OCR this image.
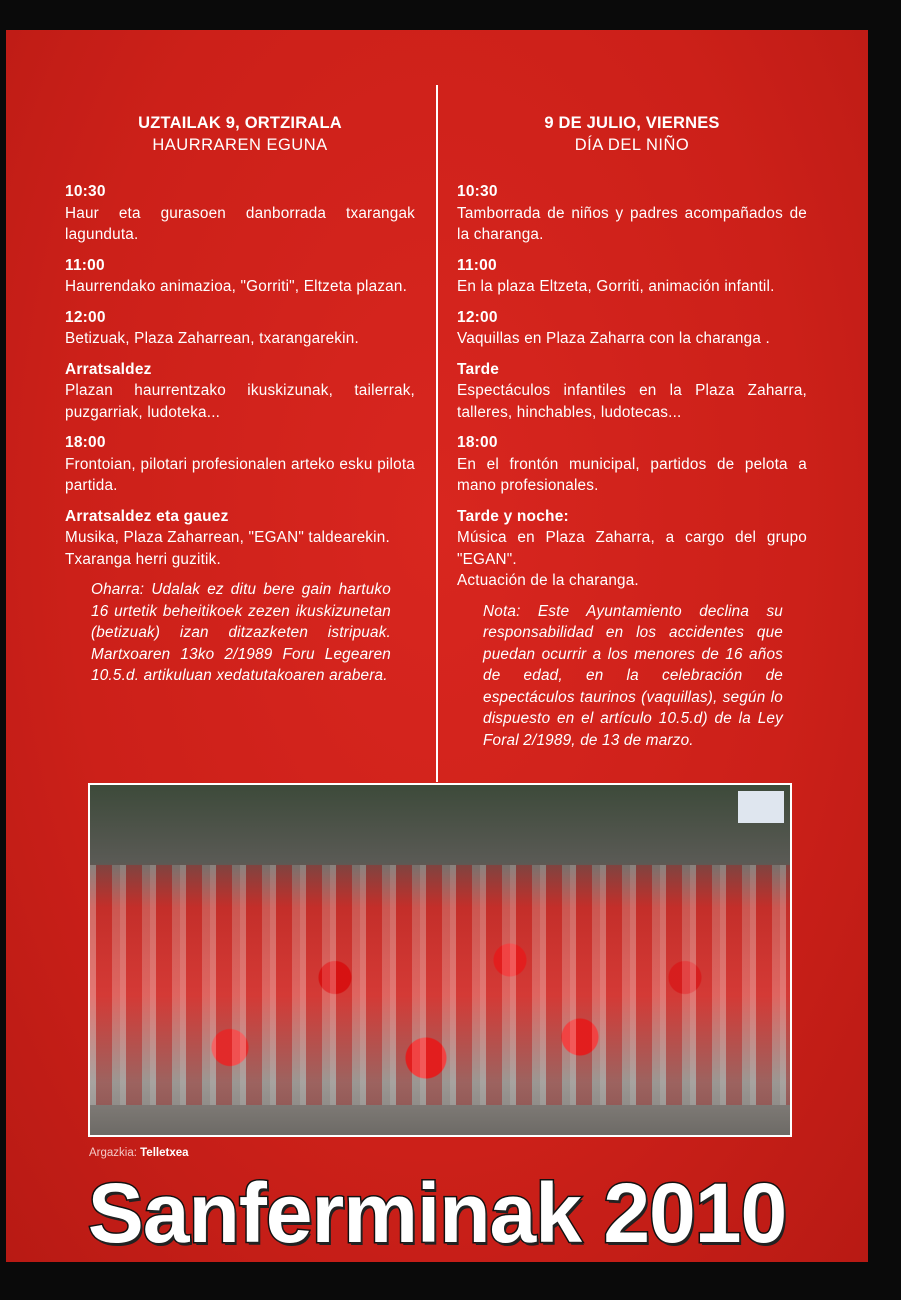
UZTAILAK 9, ORTZIRALA
HAURRAREN EGUNA
10:30
Haur eta gurasoen danborrada txarangak lagunduta.
11:00
Haurrendako animazioa, "Gorriti", Eltzeta plazan.
12:00
Betizuak, Plaza Zaharrean, txarangarekin.
Arratsaldez
Plazan haurrentzako ikuskizunak, tailerrak, puzgarriak, ludoteka...
18:00
Frontoian, pilotari profesionalen arteko esku pilota partida.
Arratsaldez eta gauez
Musika, Plaza Zaharrean, "EGAN" taldearekin.
Txaranga herri guzitik.
Oharra: Udalak ez ditu bere gain hartuko 16 urtetik beheitikoek zezen ikuskizunetan (betizuak) izan ditzazketen istripuak. Martxoaren 13ko 2/1989 Foru Legearen 10.5.d. artikuluan xedatutakoaren arabera.
9 DE JULIO, VIERNES
DÍA DEL NIÑO
10:30
Tamborrada de niños y padres acompañados de la charanga.
11:00
En la plaza Eltzeta, Gorriti, animación infantil.
12:00
Vaquillas en Plaza Zaharra con la charanga .
Tarde
Espectáculos infantiles en la Plaza Zaharra, talleres, hinchables, ludotecas...
18:00
En el frontón municipal, partidos de pelota a mano profesionales.
Tarde y noche:
Música en Plaza Zaharra, a cargo del grupo "EGAN".
Actuación de la charanga.
Nota: Este Ayuntamiento declina su responsabilidad en los accidentes que puedan ocurrir a los menores de 16 años de edad, en la celebración de espectáculos taurinos (vaquillas), según lo dispuesto en el artículo 10.5.d) de la Ley Foral 2/1989, de 13 de marzo.
Argazkia: Telletxea
Sanferminak 2010
